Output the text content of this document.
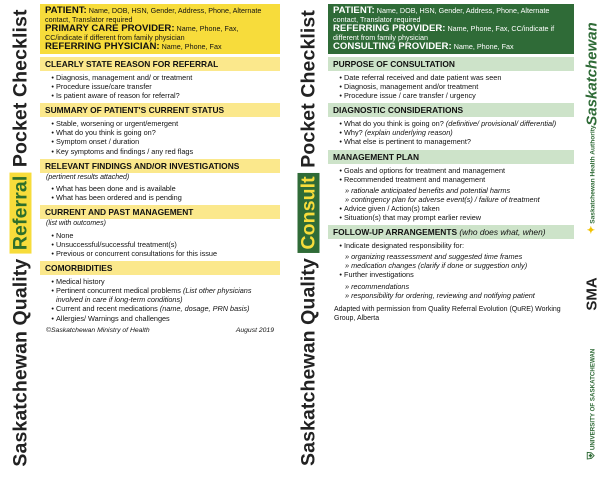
Saskatchewan Quality Referral Pocket Checklist PATIENT: Name, DOB, HSN, Gender, Address, Phone, Alternate contact, Translator required
PRIMARY CARE PROVIDER: Name, Phone, Fax, CC/indicate if different from family physician
REFERRING PHYSICIAN: Name, Phone, Fax
CLEARLY STATE REASON FOR REFERRAL
• Diagnosis, management and/ or treatment
• Procedure issue/care transfer
• Is patient aware of reason for referral?
SUMMARY OF PATIENT'S CURRENT STATUS
• Stable, worsening or urgent/emergent
• What do you think is going on?
• Symptom onset / duration
• Key symptoms and findings / any red flags
RELEVANT FINDINGS AND/OR INVESTIGATIONS
(pertinent results attached)
• What has been done and is available
• What has been ordered and is pending
CURRENT AND PAST MANAGEMENT
(list with outcomes)
• None
• Unsuccessful/successful treatment(s)
• Previous or concurrent consultations for this issue
COMORBIDITIES
• Medical history
• Pertinent concurrent medical problems (List other physicians involved in care if long-term conditions)
• Current and recent medications (name, dosage, PRN basis)
• Allergies/ Warnings and challenges
©Saskatchewan Ministry of Health	August 2019 Saskatchewan Quality Consult Pocket Checklist PATIENT: Name, DOB, HSN, Gender, Address, Phone, Alternate contact, Translator required
REFERRING PROVIDER: Name, Phone, Fax, CC/indicate if different from family physician
CONSULTING PROVIDER: Name, Phone, Fax
PURPOSE OF CONSULTATION
• Date referral received and date patient was seen
• Diagnosis, management and/or treatment
• Procedure issue / care transfer / urgency
DIAGNOSTIC CONSIDERATIONS
• What do you think is going on? (definitive/ provisional/ differential)
• Why? (explain underlying reason)
• What else is pertinent to management?
MANAGEMENT PLAN
• Goals and options for treatment and management
• Recommended treatment and management
» rationale anticipated benefits and potential harms
» contingency plan for adverse event(s) / failure of treatment
• Advice given / Action(s) taken
• Situation(s) that may prompt earlier review
FOLLOW-UP ARRANGEMENTS (who does what, when)
• Indicate designated responsibility for:
» organizing reassessment and suggested time frames
» medication changes (clarify if done or suggestion only)
• Further investigations
» recommendations
» responsibility for ordering, reviewing and notifying patient
Adapted with permission from Quality Referral Evolution (QuRE) Working Group, Alberta
Saskatchewan
✦ Saskatchewan Health Authority
SMA
⛨ UNIVERSITY OF SASKATCHEWAN
